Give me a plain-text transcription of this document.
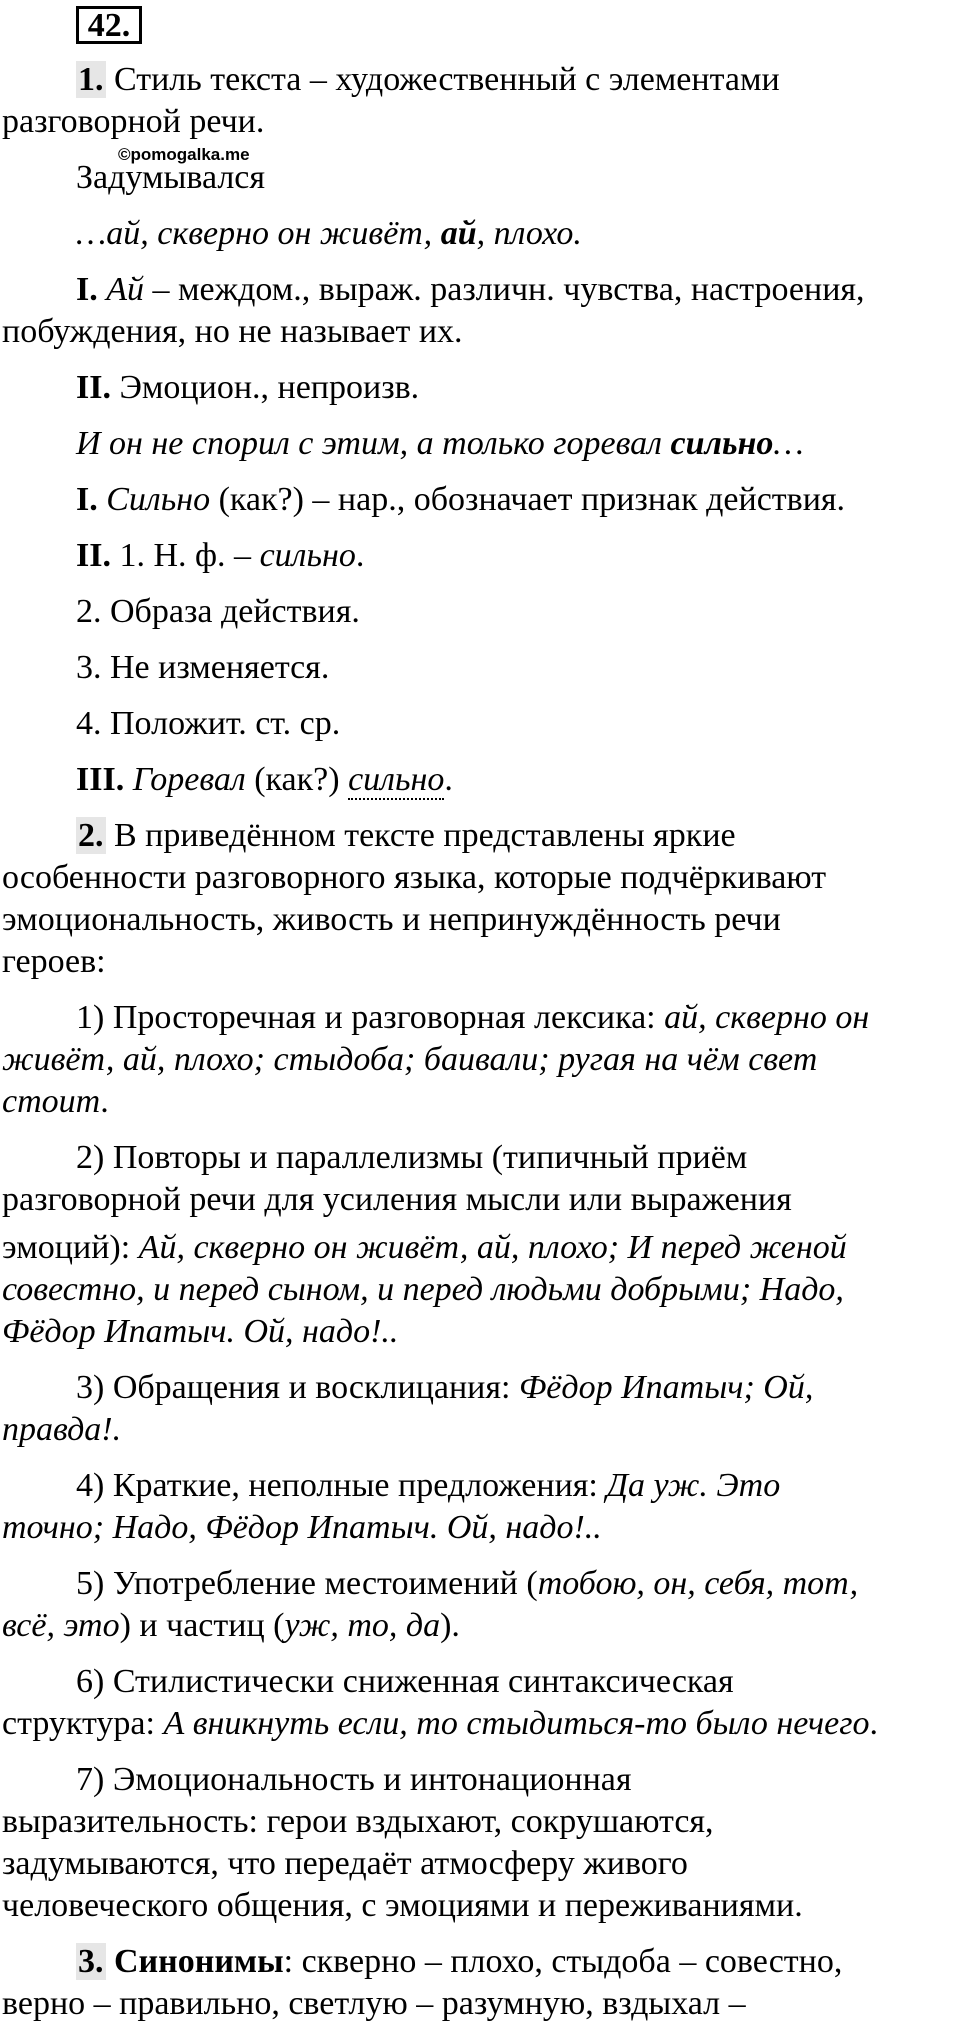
42.
1. Стиль текста – художественный с элементами
разговорной речи.
©pomogalka.me
Задумывался
…ай, скверно он живёт, ай, плохо.
I. Ай – междом., выраж. различн. чувства, настроения,
побуждения, но не называет их.
II. Эмоцион., непроизв.
И он не спорил с этим, а только горевал сильно…
I. Сильно (как?) – нар., обозначает признак действия.
II. 1. Н. ф. – сильно.
2. Образа действия.
3. Не изменяется.
4. Положит. ст. ср.
III. Горевал (как?) сильно.
2. В приведённом тексте представлены яркие
особенности разговорного языка, которые подчёркивают
эмоциональность, живость и непринуждённость речи
героев:
1) Просторечная и разговорная лексика: ай, скверно он
живёт, ай, плохо; стыдоба; баивали; ругая на чём свет
стоит.
2) Повторы и параллелизмы (типичный приём
разговорной речи для усиления мысли или выражения
эмоций): Ай, скверно он живёт, ай, плохо; И перед женой
совестно, и перед сыном, и перед людьми добрыми; Надо,
Фёдор Ипатыч. Ой, надо!..
3) Обращения и восклицания: Фёдор Ипатыч; Ой,
правда!.
4) Краткие, неполные предложения: Да уж. Это
точно; Надо, Фёдор Ипатыч. Ой, надо!..
5) Употребление местоимений (тобою, он, себя, тот,
всё, это) и частиц (уж, то, да).
6) Стилистически сниженная синтаксическая
структура: А вникнуть если, то стыдиться-то было нечего.
7) Эмоциональность и интонационная
выразительность: герои вздыхают, сокрушаются,
задумываются, что передаёт атмосферу живого
человеческого общения, с эмоциями и переживаниями.
3. Синонимы: скверно – плохо, стыдоба – совестно,
верно – правильно, светлую – разумную, вздыхал –
